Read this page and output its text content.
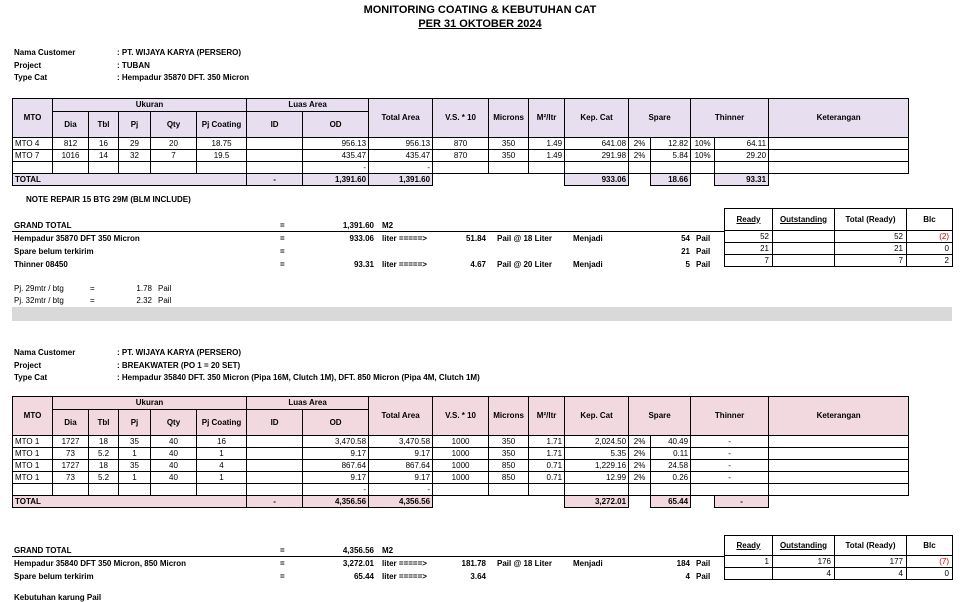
MONITORING COATING & KEBUTUHAN CAT
PER 31 OKTOBER 2024
Nama Customer	: PT. WIJAYA KARYA (PERSERO)
Project	: TUBAN
Type Cat	: Hempadur 35870 DFT. 350 Micron
MTO	Ukuran					Luas Area		Total Area	V.S. * 10	Microns	M²/ltr	Kep. Cat	Spare		Thinner		Keterangan
	Dia	Tbl	Pj	Qty	Pj Coating	ID	OD										
MTO 4	812	16	29	20	18.75		956.13	956.13	870	350	1.49	641.08	2%	12.82	10%	64.11	
MTO 7	1016	14	32	7	19.5		435.47	435.47	870	350	1.49	291.98	2%	5.84	10%	29.20	
							-	-									
TOTAL						-	1,391.60	1,391.60				933.06		18.66		93.31	
NOTE REPAIR 15 BTG 29M (BLM INCLUDE)
GRAND TOTAL	=	1,391.60 M2
Hempadur 35870 DFT 350 Micron	=	933.06 liter =====>	51.84 Pail @ 18 Liter	Menjadi	54 Pail
Spare belum terkirim	=	21 Pail
Thinner 08450	=	93.31 liter =====>	4.67 Pail @ 20 Liter	Menjadi	5 Pail
Ready	Outstanding	Total (Ready)	Blc
52		52	(2)
21		21	0
7		7	2
Pj. 29mtr / btg	=	1.78 Pail
Pj. 32mtr / btg	=	2.32 Pail
Nama Customer	: PT. WIJAYA KARYA (PERSERO)
Project	: BREAKWATER (PO 1 = 20 SET)
Type Cat	: Hempadur 35840 DFT. 350 Micron (Pipa 16M, Clutch 1M), DFT. 850 Micron (Pipa 4M, Clutch 1M)
MTO	Ukuran					Luas Area		Total Area	V.S. * 10	Microns	M²/ltr	Kep. Cat	Spare		Thinner		Keterangan
	Dia	Tbl	Pj	Qty	Pj Coating	ID	OD										
MTO 1	1727	18	35	40	16		3,470.58	3,470.58	1000	350	1.71	2,024.50	2%	40.49	-		
MTO 1	73	5.2	1	40	1		9.17	9.17	1000	350	1.71	5.35	2%	0.11	-		
MTO 1	1727	18	35	40	4		867.64	867.64	1000	850	0.71	1,229.16	2%	24.58	-		
MTO 1	73	5.2	1	40	1		9.17	9.17	1000	850	0.71	12.99	2%	0.26	-		
							-	-									
TOTAL						-	4,356.56	4,356.56				3,272.01		65.44		-	
GRAND TOTAL	=	4,356.56 M2
Hempadur 35840 DFT 350 Micron, 850 Micron	=	3,272.01 liter =====>	181.78 Pail @ 18 Liter	Menjadi	184 Pail
Spare belum terkirim	=	65.44 liter =====>	3.64	4 Pail
Ready	Outstanding	Total (Ready)	Blc
1	176	177	(7)
	4	4	0
Kebutuhan karung Pail
